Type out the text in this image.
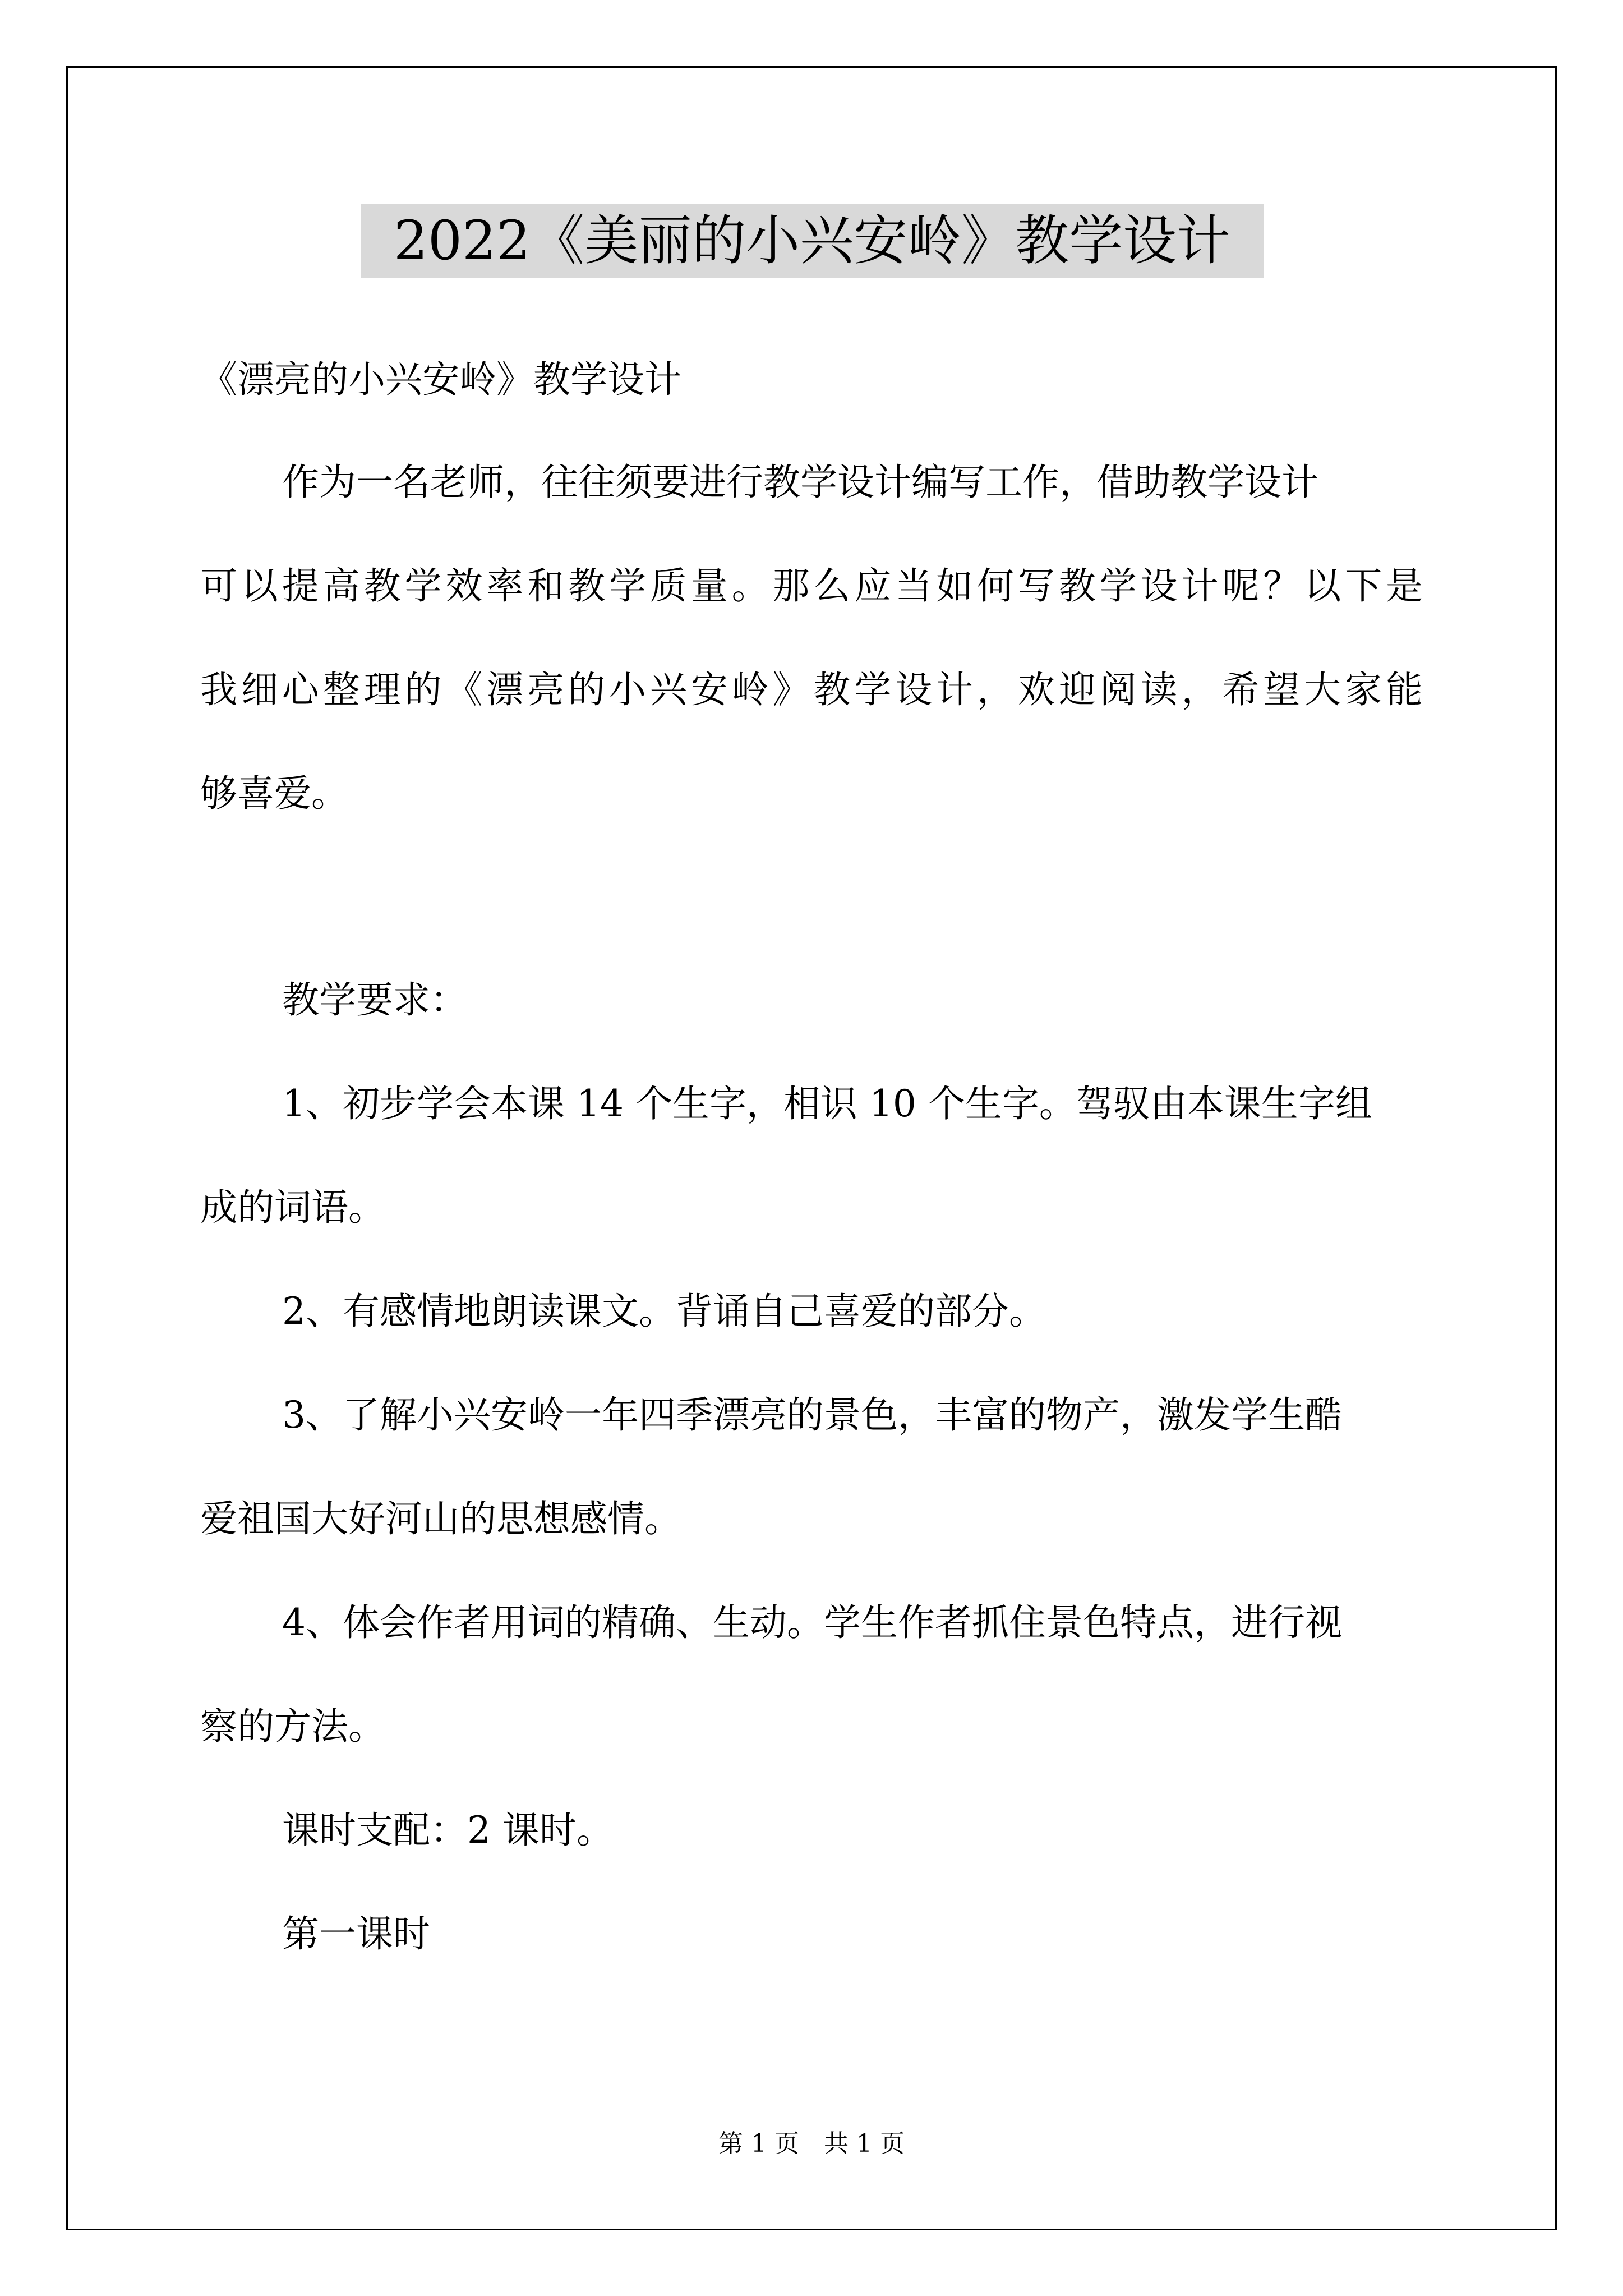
2022《美丽的小兴安岭》教学设计
《漂亮的小兴安岭》教学设计
作为一名老师，往往须要进行教学设计编写工作，借助教学设计
可以提高教学效率和教学质量。那么应当如何写教学设计呢？以下是
我细心整理的《漂亮的小兴安岭》教学设计，欢迎阅读，希望大家能
够喜爱。
教学要求：
1、初步学会本课 14 个生字，相识 10 个生字。驾驭由本课生字组
成的词语。
2、有感情地朗读课文。背诵自己喜爱的部分。
3、了解小兴安岭一年四季漂亮的景色，丰富的物产，激发学生酷
爱祖国大好河山的思想感情。
4、体会作者用词的精确、生动。学生作者抓住景色特点，进行视
察的方法。
课时支配：2 课时。
第一课时
第 1 页　共 1 页
